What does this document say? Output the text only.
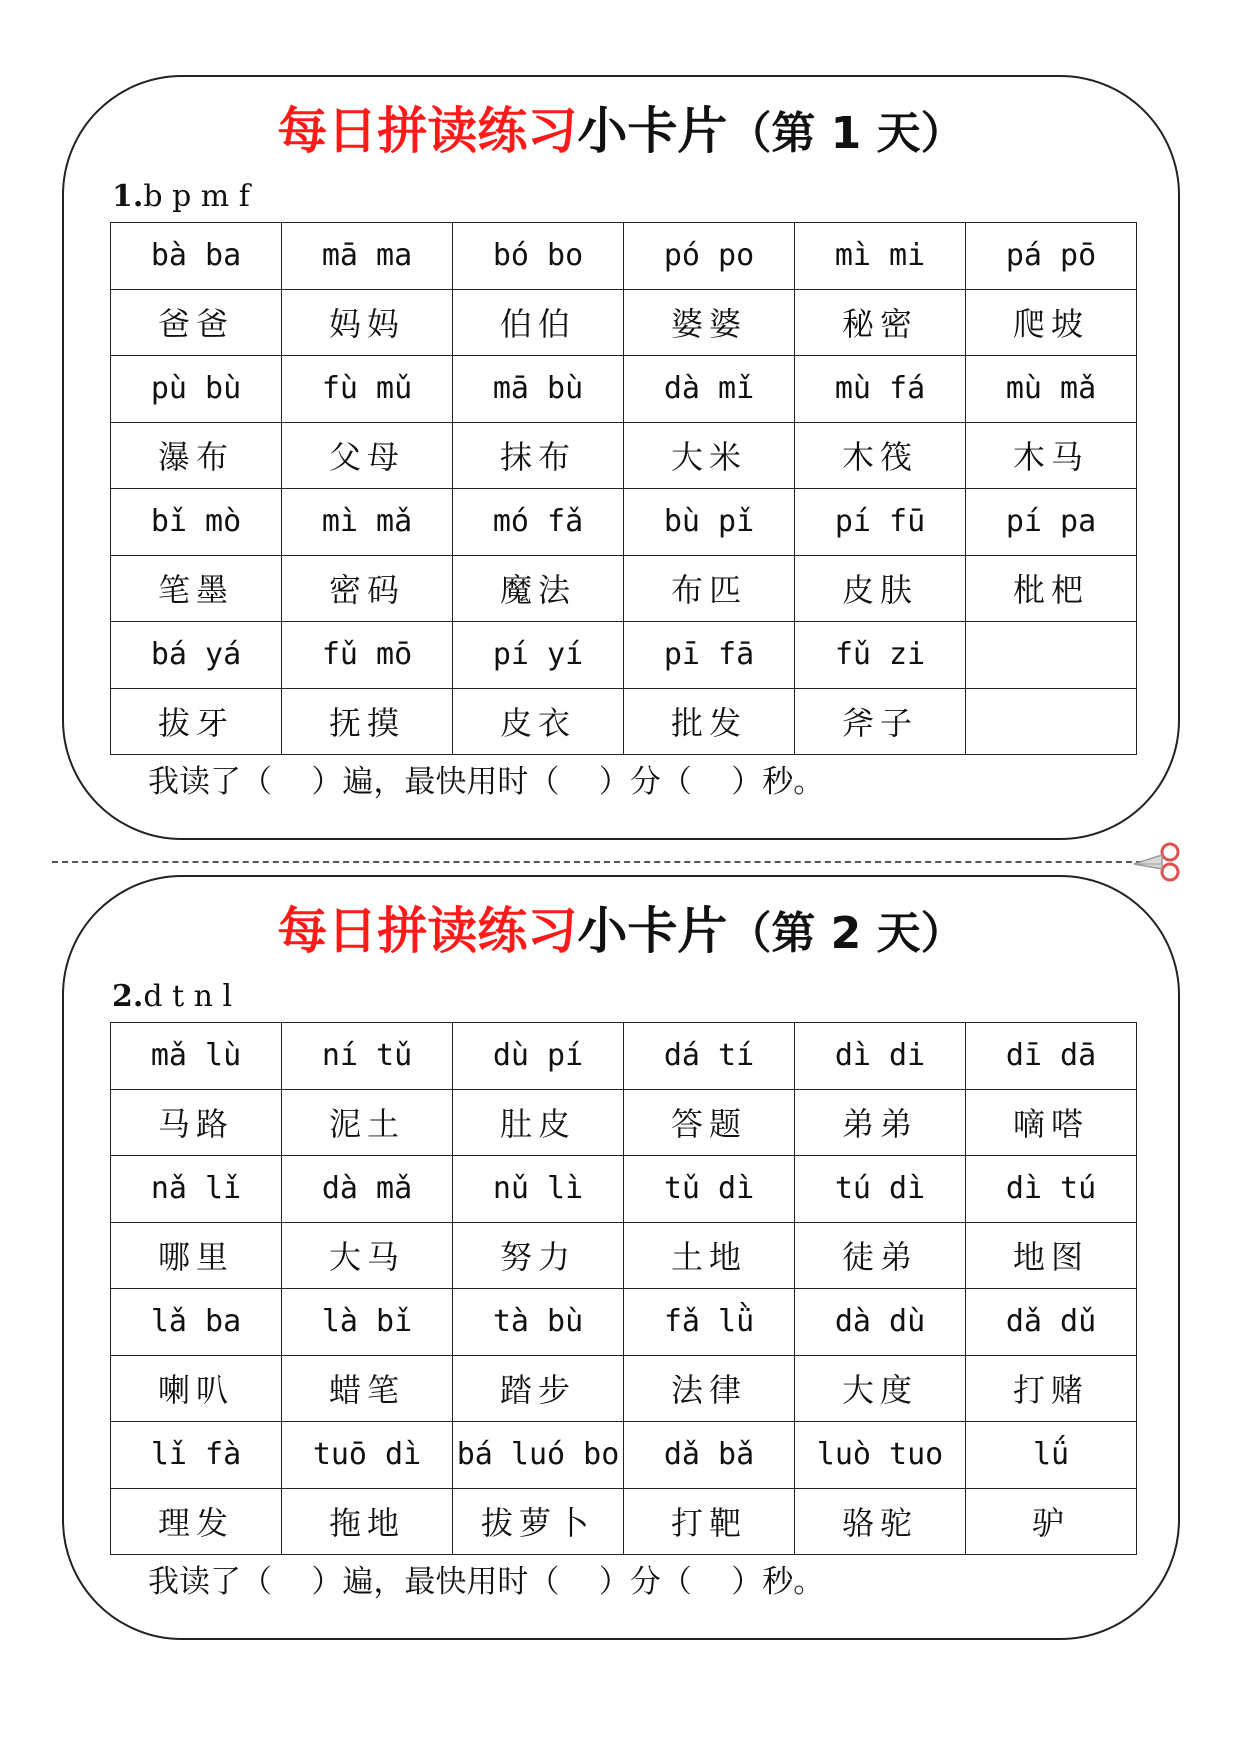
每日拼读练习小卡片（第 1 天）
1.b p m f
bà ba	mā ma	bó bo	pó po	mì mi	pá pō
爸爸	妈妈	伯伯	婆婆	秘密	爬坡
pù bù	fù mǔ	mā bù	dà mǐ	mù fá	mù mǎ
瀑布	父母	抹布	大米	木筏	木马
bǐ mò	mì mǎ	mó fǎ	bù pǐ	pí fū	pí pa
笔墨	密码	魔法	布匹	皮肤	枇杷
bá yá	fǔ mō	pí yí	pī fā	fǔ zi	
拔牙	抚摸	皮衣	批发	斧子	
我读了（    ）遍，最快用时（    ）分（    ）秒。
每日拼读练习小卡片（第 2 天）
2.d t n l
mǎ lù	ní tǔ	dù pí	dá tí	dì di	dī dā
马路	泥土	肚皮	答题	弟弟	嘀嗒
nǎ lǐ	dà mǎ	nǔ lì	tǔ dì	tú dì	dì tú
哪里	大马	努力	土地	徒弟	地图
lǎ ba	là bǐ	tà bù	fǎ lǜ	dà dù	dǎ dǔ
喇叭	蜡笔	踏步	法律	大度	打赌
lǐ fà	tuō dì	bá luó bo	dǎ bǎ	luò tuo	lǘ
理发	拖地	拔萝卜	打靶	骆驼	驴
我读了（    ）遍，最快用时（    ）分（    ）秒。
